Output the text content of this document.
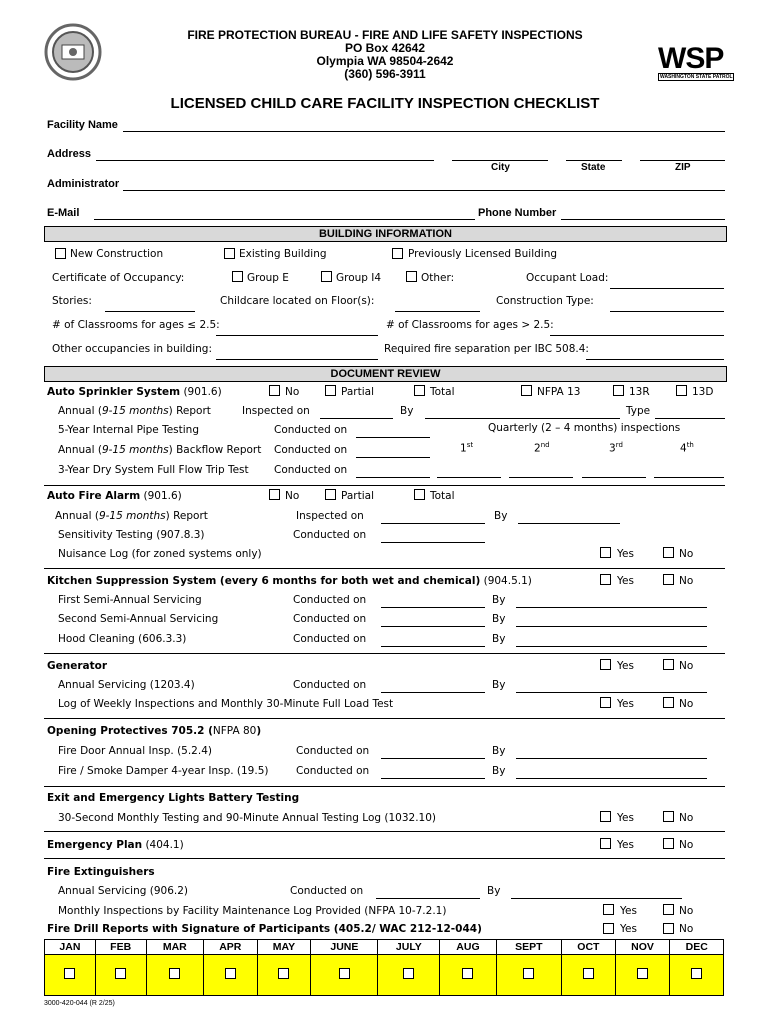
WSP
WASHINGTON STATE PATROL
FIRE PROTECTION BUREAU - FIRE AND LIFE SAFETY INSPECTIONS
PO Box 42642
Olympia WA 98504-2642
(360) 596-3911
LICENSED CHILD CARE FACILITY INSPECTION CHECKLIST
Facility Name
Address
City	State	ZIP
Administrator
E-Mail	Phone Number
BUILDING INFORMATION
New Construction	Existing Building	Previously Licensed Building
Certificate of Occupancy:	Group E	Group I4	Other:	Occupant Load:
Stories:	Childcare located on Floor(s):	Construction Type:
# of Classrooms for ages ≤ 2.5:	# of Classrooms for ages > 2.5:
Other occupancies in building:	Required fire separation per IBC 508.4:
DOCUMENT REVIEW
Auto Sprinkler System (901.6)	No	Partial	Total	NFPA 13	13R	13D
Annual (9-15 months) Report	Inspected on	By	Type
5-Year Internal Pipe Testing	Conducted on	Quarterly (2 – 4 months) inspections
Annual (9-15 months) Backflow Report Conducted on	1st	2nd	3rd	4th
3-Year Dry System Full Flow Trip Test Conducted on
Auto Fire Alarm (901.6)	No	Partial	Total
Annual (9-15 months) Report	Inspected on	By
Sensitivity Testing (907.8.3)	Conducted on
Nuisance Log (for zoned systems only)	Yes	No
Kitchen Suppression System (every 6 months for both wet and chemical) (904.5.1)	Yes	No
First Semi-Annual Servicing	Conducted on	By
Second Semi-Annual Servicing	Conducted on	By
Hood Cleaning (606.3.3)	Conducted on	By
Generator	Yes	No
Annual Servicing (1203.4)	Conducted on	By
Log of Weekly Inspections and Monthly 30-Minute Full Load Test	Yes	No
Opening Protectives 705.2 (NFPA 80)
Fire Door Annual Insp. (5.2.4)	Conducted on	By
Fire / Smoke Damper 4-year Insp. (19.5)	Conducted on	By
Exit and Emergency Lights Battery Testing
30-Second Monthly Testing and 90-Minute Annual Testing Log (1032.10)	Yes	No
Emergency Plan (404.1)	Yes	No
Fire Extinguishers
Annual Servicing (906.2)	Conducted on	By
Monthly Inspections by Facility Maintenance Log Provided (NFPA 10-7.2.1)	Yes	No
Fire Drill Reports with Signature of Participants (405.2/ WAC 212-12-044)	Yes	No
JAN	FEB	MAR	APR	MAY	JUNE	JULY	AUG	SEPT	OCT	NOV	DEC

3000-420-044 (R 2/25)
